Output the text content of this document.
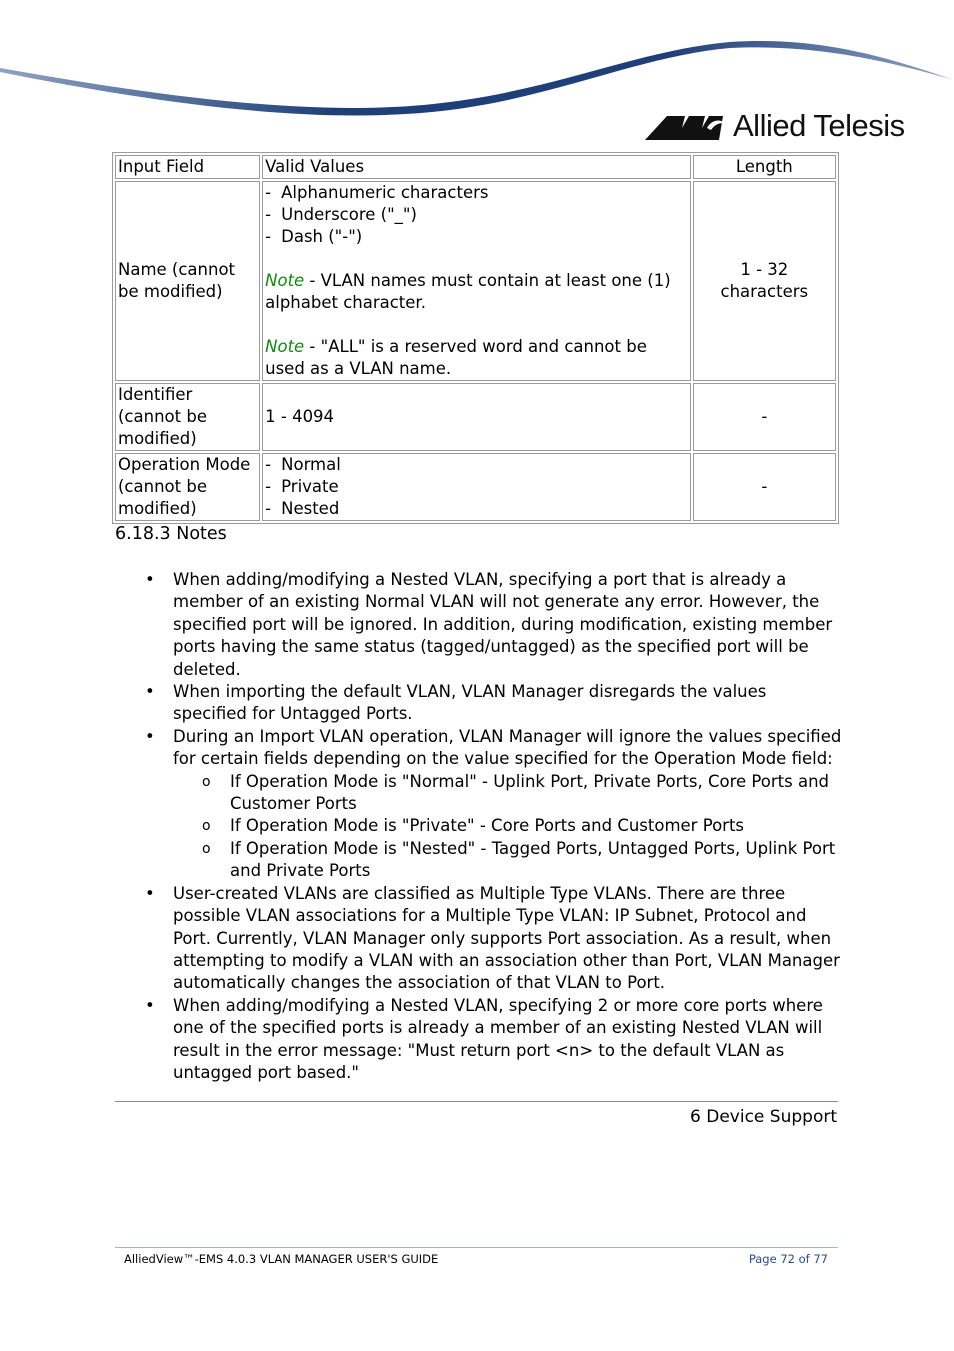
Allied Telesis
Input Field	Valid Values	Length
Name (cannot be modified)	- Alphanumeric characters
- Underscore ("_")
- Dash ("-")
Note - VLAN names must contain at least one (1) alphabet character.
Note - "ALL" is a reserved word and cannot be used as a VLAN name.	1 - 32 characters
Identifier (cannot be modified)	1 - 4094	-
Operation Mode (cannot be modified)	- Normal
- Private
- Nested	-
6.18.3 Notes
• When adding/modifying a Nested VLAN, specifying a port that is already a member of an existing Normal VLAN will not generate any error. However, the specified port will be ignored. In addition, during modification, existing member ports having the same status (tagged/untagged) as the specified port will be deleted.
• When importing the default VLAN, VLAN Manager disregards the values specified for Untagged Ports.
• During an Import VLAN operation, VLAN Manager will ignore the values specified for certain fields depending on the value specified for the Operation Mode field:
o If Operation Mode is "Normal" - Uplink Port, Private Ports, Core Ports and Customer Ports
o If Operation Mode is "Private" - Core Ports and Customer Ports
o If Operation Mode is "Nested" - Tagged Ports, Untagged Ports, Uplink Port and Private Ports
• User-created VLANs are classified as Multiple Type VLANs. There are three possible VLAN associations for a Multiple Type VLAN: IP Subnet, Protocol and Port. Currently, VLAN Manager only supports Port association. As a result, when attempting to modify a VLAN with an association other than Port, VLAN Manager automatically changes the association of that VLAN to Port.
• When adding/modifying a Nested VLAN, specifying 2 or more core ports where one of the specified ports is already a member of an existing Nested VLAN will result in the error message: "Must return port <n> to the default VLAN as untagged port based."
6 Device Support
AlliedView™-EMS 4.0.3 VLAN MANAGER USER'S GUIDE	Page 72 of 77
